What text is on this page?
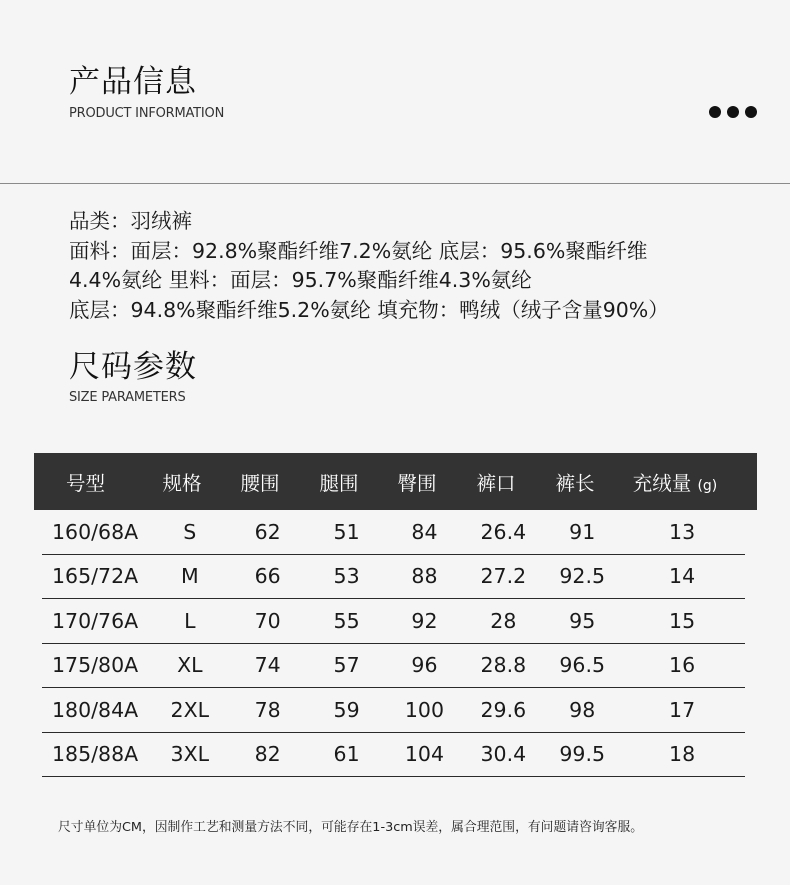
产品信息
PRODUCT INFORMATION
品类：羽绒裤
面料：面层：92.8%聚酯纤维7.2%氨纶 底层：95.6%聚酯纤维
4.4%氨纶 里料：面层：95.7%聚酯纤维4.3%氨纶
底层：94.8%聚酯纤维5.2%氨纶 填充物：鸭绒（绒子含量90%）
尺码参数
SIZE PARAMETERS
号型	规格	腰围	腿围	臀围	裤口	裤长	充绒量 (g)
160/68A	S	62	51	84	26.4	91	13
165/72A	M	66	53	88	27.2	92.5	14
170/76A	L	70	55	92	28	95	15
175/80A	XL	74	57	96	28.8	96.5	16
180/84A	2XL	78	59	100	29.6	98	17
185/88A	3XL	82	61	104	30.4	99.5	18
尺寸单位为CM，因制作工艺和测量方法不同，可能存在1-3cm误差，属合理范围，有问题请咨询客服。
